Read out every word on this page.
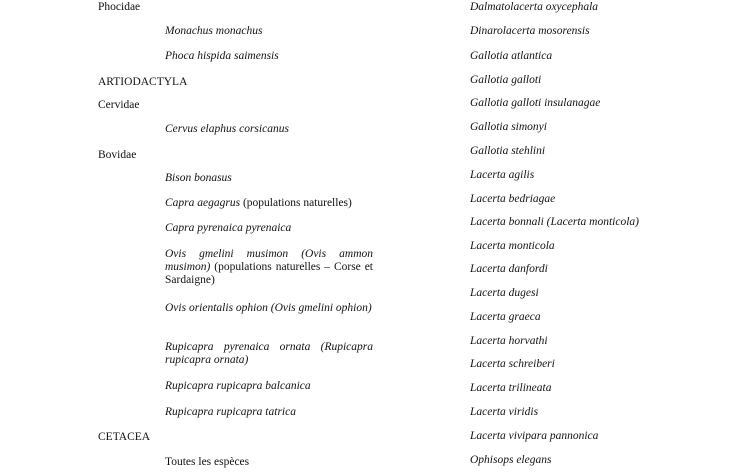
Phocidae
Monachus monachus
Phoca hispida saimensis
ARTIODACTYLA
Cervidae
Cervus elaphus corsicanus
Bovidae
Bison bonasus
Capra aegagrus (populations naturelles)
Capra pyrenaica pyrenaica
Ovis gmelini musimon (Ovis ammon musimon) (populations naturelles – Corse et Sardaigne)
Ovis orientalis ophion (Ovis gmelini ophion)
Rupicapra pyrenaica ornata (Rupicapra rupicapra ornata)
Rupicapra rupicapra balcanica
Rupicapra rupicapra tatrica
CETACEA
Toutes les espèces
Dalmatolacerta oxycephala
Dinarolacerta mosorensis
Gallotia atlantica
Gallotia galloti
Gallotia galloti insulanagae
Gallotia simonyi
Gallotia stehlini
Lacerta agilis
Lacerta bedriagae
Lacerta bonnali (Lacerta monticola)
Lacerta monticola
Lacerta danfordi
Lacerta dugesi
Lacerta graeca
Lacerta horvathi
Lacerta schreiberi
Lacerta trilineata
Lacerta viridis
Lacerta vivipara pannonica
Ophisops elegans
